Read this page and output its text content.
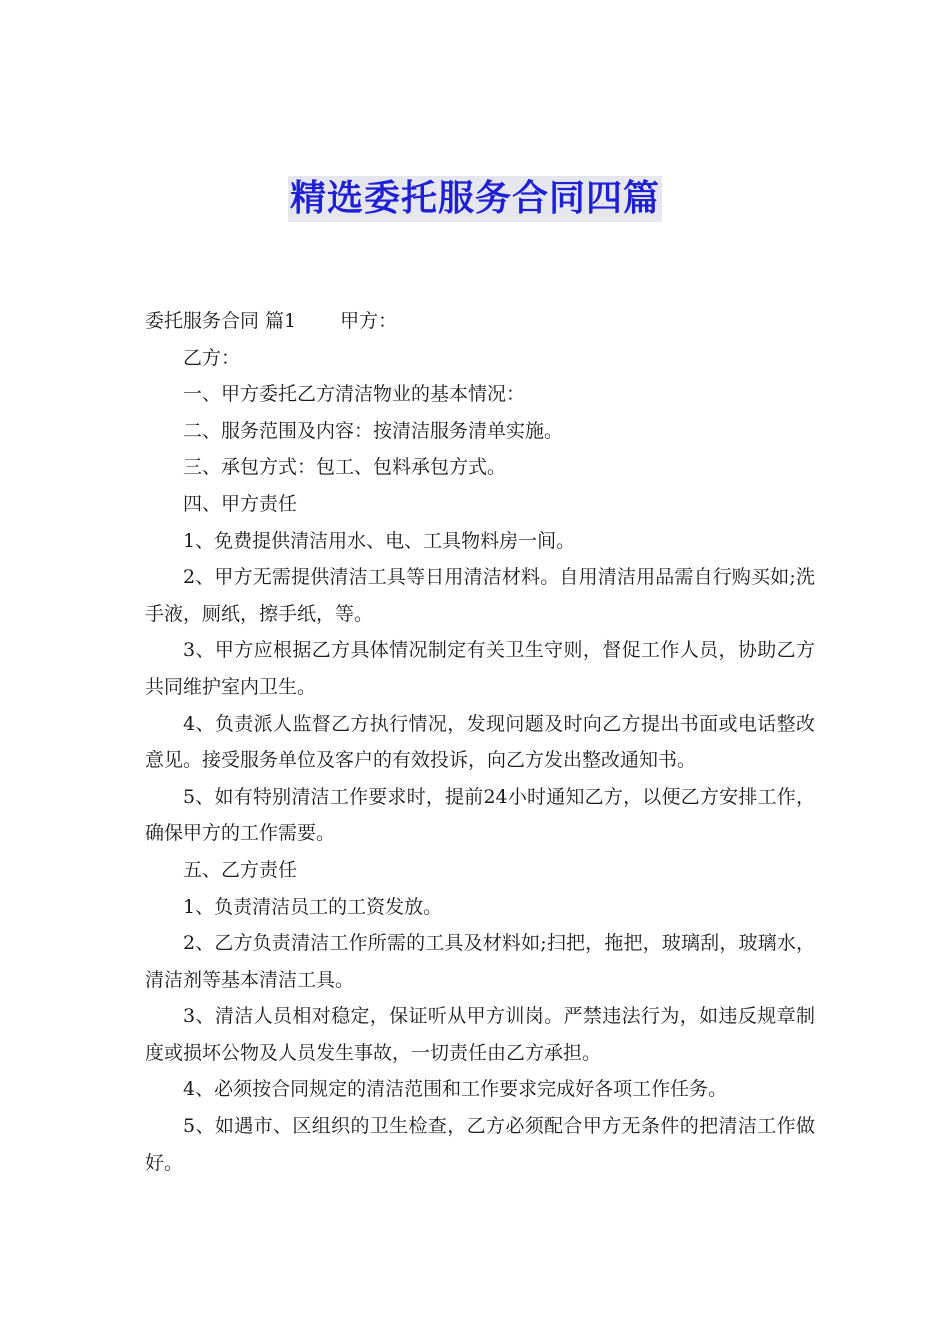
精选委托服务合同四篇

委托服务合同 篇1 甲方：

乙方：

一、甲方委托乙方清洁物业的基本情况：

二、服务范围及内容：按清洁服务清单实施。

三、承包方式：包工、包料承包方式。

四、甲方责任

1、免费提供清洁用水、电、工具物料房一间。

2、甲方无需提供清洁工具等日用清洁材料。自用清洁用品需自行购买如;洗手液，厕纸，擦手纸，等。

3、甲方应根据乙方具体情况制定有关卫生守则，督促工作人员，协助乙方共同维护室内卫生。

4、负责派人监督乙方执行情况，发现问题及时向乙方提出书面或电话整改意见。接受服务单位及客户的有效投诉，向乙方发出整改通知书。

5、如有特别清洁工作要求时，提前24小时通知乙方，以便乙方安排工作，确保甲方的工作需要。

五、乙方责任

1、负责清洁员工的工资发放。

2、乙方负责清洁工作所需的工具及材料如;扫把，拖把，玻璃刮，玻璃水，清洁剂等基本清洁工具。

3、清洁人员相对稳定，保证听从甲方训岗。严禁违法行为，如违反规章制度或损坏公物及人员发生事故，一切责任由乙方承担。

4、必须按合同规定的清洁范围和工作要求完成好各项工作任务。

5、如遇市、区组织的卫生检查，乙方必须配合甲方无条件的把清洁工作做好。
